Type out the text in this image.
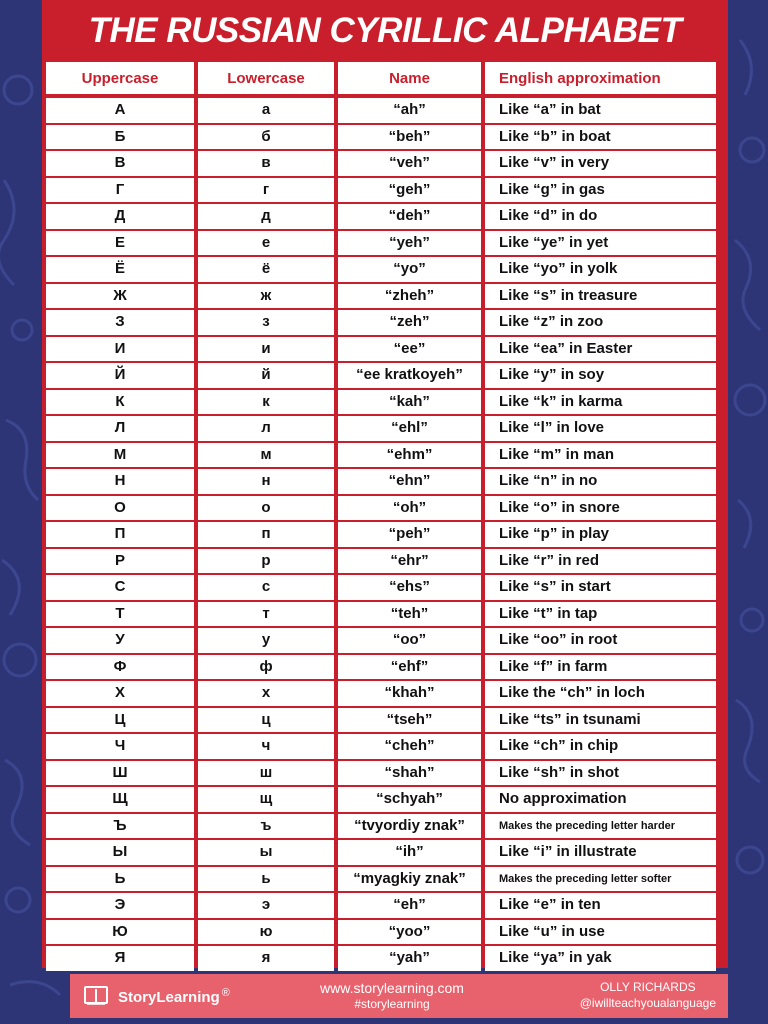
THE RUSSIAN CYRILLIC ALPHABET
Uppercase	Lowercase	Name	English approximation
А	а	“ah”	Like “a” in bat
Б	б	“beh”	Like “b” in boat
В	в	“veh”	Like “v” in very
Г	г	“geh”	Like “g” in gas
Д	д	“deh”	Like “d” in do
Е	е	“yeh”	Like “ye” in yet
Ё	ё	“yo”	Like “yo” in yolk
Ж	ж	“zheh”	Like “s” in treasure
З	з	“zeh”	Like “z” in zoo
И	и	“ee”	Like “ea” in Easter
Й	й	“ee kratkoyeh”	Like “y” in soy
К	к	“kah”	Like “k” in karma
Л	л	“ehl”	Like “l” in love
М	м	“ehm”	Like “m” in man
Н	н	“ehn”	Like “n” in no
О	о	“oh”	Like “o” in snore
П	п	“peh”	Like “p” in play
Р	р	“ehr”	Like “r” in red
С	с	“ehs”	Like “s” in start
Т	т	“teh”	Like “t” in tap
У	у	“oo”	Like “oo” in root
Ф	ф	“ehf”	Like “f” in farm
Х	х	“khah”	Like the “ch” in loch
Ц	ц	“tseh”	Like “ts” in tsunami
Ч	ч	“cheh”	Like “ch” in chip
Ш	ш	“shah”	Like “sh” in shot
Щ	щ	“schyah”	No approximation
Ъ	ъ	“tvyordiy znak”	Makes the preceding letter harder
Ы	ы	“ih”	Like “i” in illustrate
Ь	ь	“myagkiy znak”	Makes the preceding letter softer
Э	э	“eh”	Like “e” in ten
Ю	ю	“yoo”	Like “u” in use
Я	я	“yah”	Like “ya” in yak
StoryLearning ®	www.storylearning.com
#storylearning
OLLY RICHARDS
@iwillteachyoualanguage
